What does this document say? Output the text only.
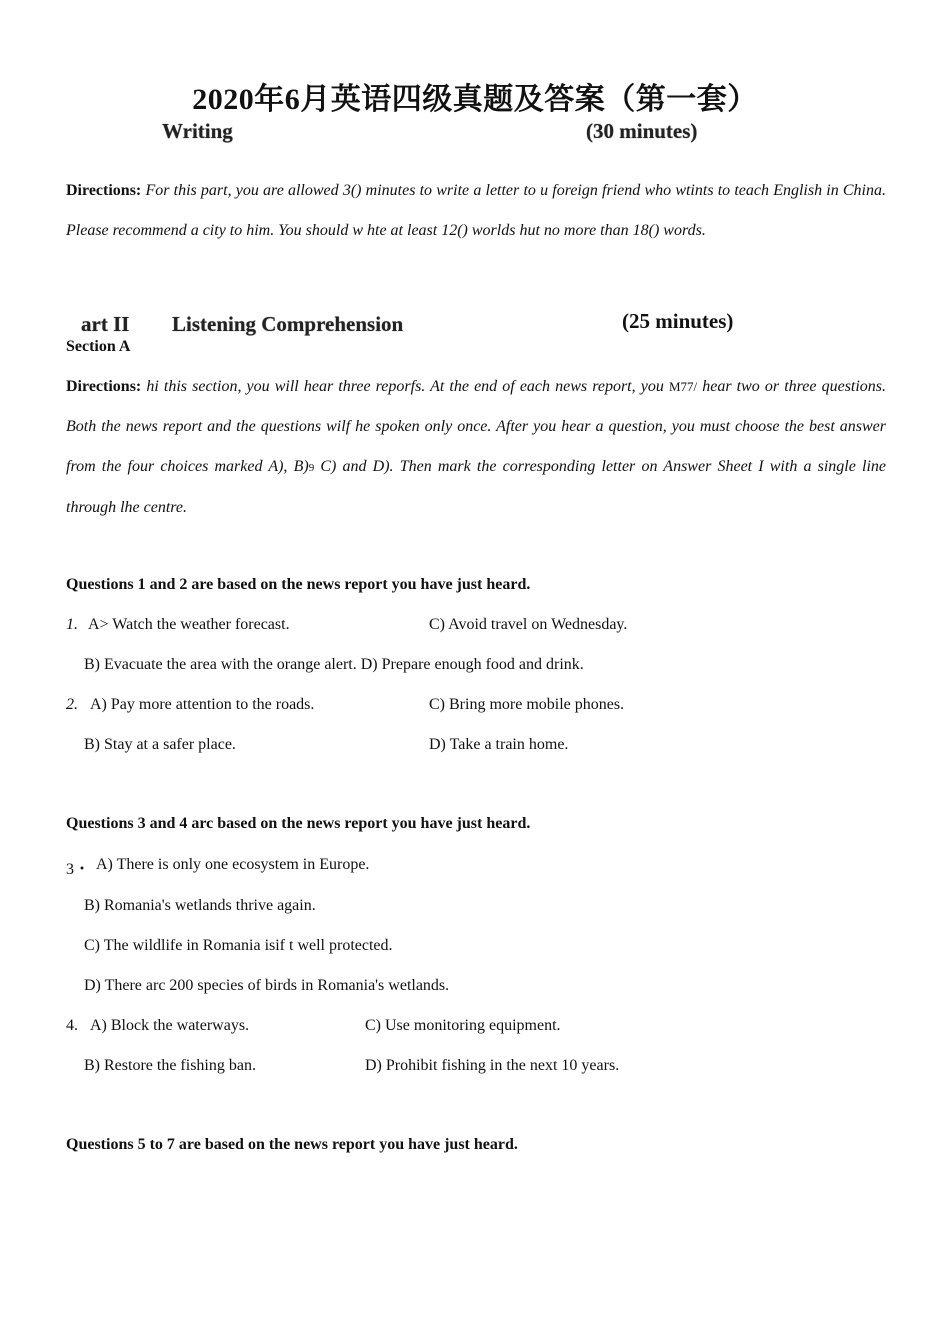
2020年6月英语四级真题及答案（第一套）
Writing	(30 minutes)
Directions: For this part, you are allowed 3() minutes to write a letter to u foreign friend who wtints to teach English in China. Please recommend a city to him. You should w hte at least 12() worlds hut no more than 18() words.
art II Listening Comprehension	(25 minutes)
Section A
Directions: hi this section, you will hear three reporfs. At the end of each news report, you M77/ hear two or three questions. Both the news report and the questions wilf he spoken only once. After you hear a question, you must choose the best answer from the four choices marked A), B)9 C) and D). Then mark the corresponding letter on Answer Sheet I with a single line through lhe centre.
Questions 1 and 2 are based on the news report you have just heard.
1. A> Watch the weather forecast.	C) Avoid travel on Wednesday.
B) Evacuate the area with the orange alert. D) Prepare enough food and drink.
2. A) Pay more attention to the roads.	C) Bring more mobile phones.
B) Stay at a safer place.	D) Take a train home.
Questions 3 and 4 arc based on the news report you have just heard.
3・ A) There is only one ecosystem in Europe.
B) Romania's wetlands thrive again.
C) The wildlife in Romania isif t well protected.
D) There arc 200 species of birds in Romania's wetlands.
4. A) Block the waterways.	C) Use monitoring equipment.
B) Restore the fishing ban.	D) Prohibit fishing in the next 10 years.
Questions 5 to 7 are based on the news report you have just heard.
